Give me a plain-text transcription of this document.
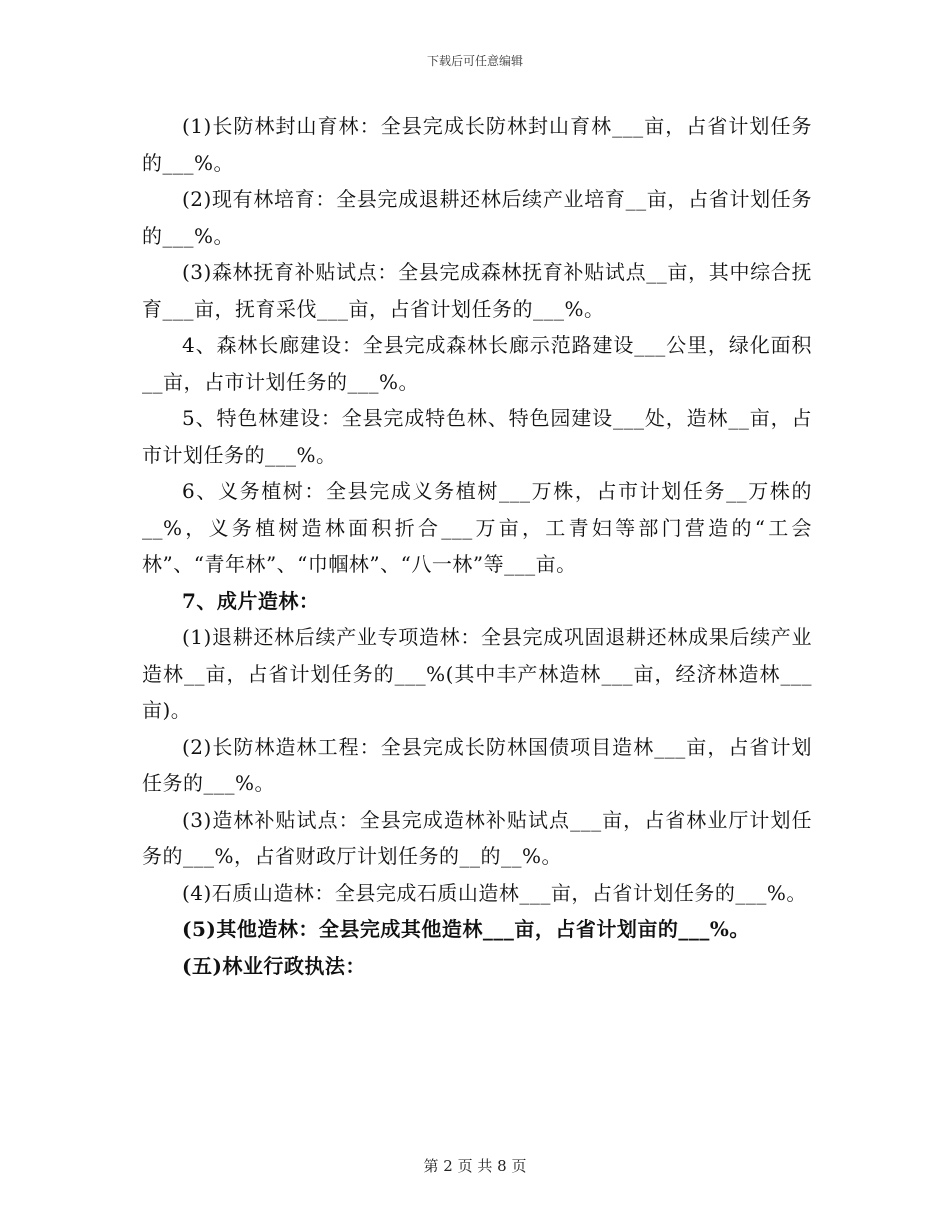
下载后可任意编辑

(1)长防林封山育林：全县完成长防林封山育林___亩，占省计划任务的___%。

(2)现有林培育：全县完成退耕还林后续产业培育__亩，占省计划任务的___%。

(3)森林抚育补贴试点：全县完成森林抚育补贴试点__亩，其中综合抚育___亩，抚育采伐___亩，占省计划任务的___%。

4、森林长廊建设：全县完成森林长廊示范路建设___公里，绿化面积__亩，占市计划任务的___%。

5、特色林建设：全县完成特色林、特色园建设___处，造林__亩，占市计划任务的___%。

6、义务植树：全县完成义务植树___万株，占市计划任务__万株的__%，义务植树造林面积折合___万亩，工青妇等部门营造的“工会林”、“青年林”、“巾帼林”、“八一林”等___亩。

7、成片造林：

(1)退耕还林后续产业专项造林：全县完成巩固退耕还林成果后续产业造林__亩，占省计划任务的___%(其中丰产林造林___亩，经济林造林___亩)。

(2)长防林造林工程：全县完成长防林国债项目造林___亩，占省计划任务的___%。

(3)造林补贴试点：全县完成造林补贴试点___亩，占省林业厅计划任务的___%，占省财政厅计划任务的__的__%。

(4)石质山造林：全县完成石质山造林___亩，占省计划任务的___%。

(5)其他造林：全县完成其他造林___亩，占省计划亩的___%。

(五)林业行政执法：

第 2 页 共 8 页
